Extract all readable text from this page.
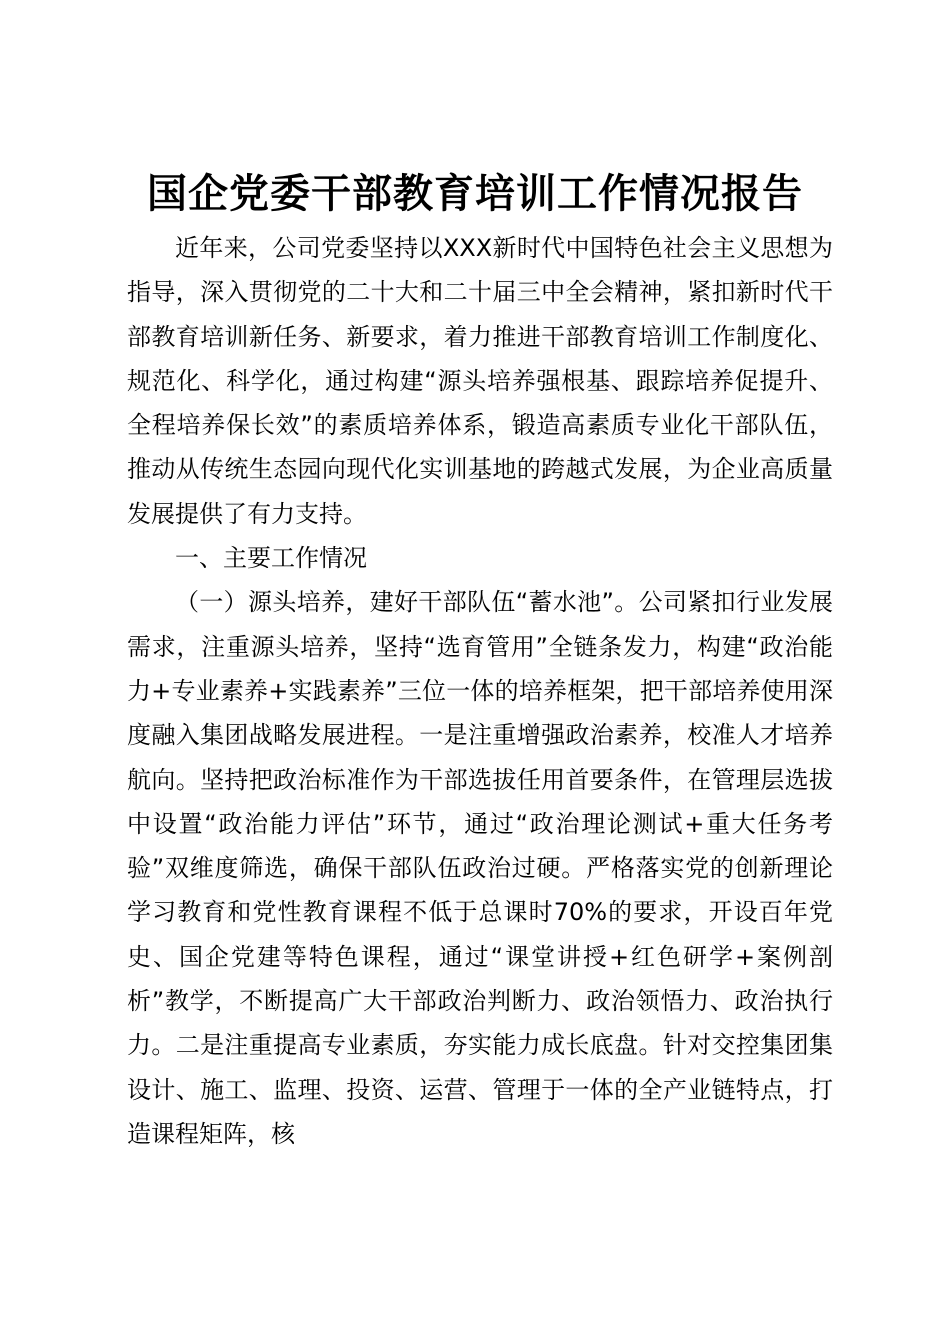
国企党委干部教育培训工作情况报告

近年来，公司党委坚持以XXX新时代中国特色社会主义思想为指导，深入贯彻党的二十大和二十届三中全会精神，紧扣新时代干部教育培训新任务、新要求，着力推进干部教育培训工作制度化、规范化、科学化，通过构建“源头培养强根基、跟踪培养促提升、全程培养保长效”的素质培养体系，锻造高素质专业化干部队伍，推动从传统生态园向现代化实训基地的跨越式发展，为企业高质量发展提供了有力支持。

一、主要工作情况

（一）源头培养，建好干部队伍“蓄水池”。公司紧扣行业发展需求，注重源头培养，坚持“选育管用”全链条发力，构建“政治能力+专业素养+实践素养”三位一体的培养框架，把干部培养使用深度融入集团战略发展进程。一是注重增强政治素养，校准人才培养航向。坚持把政治标准作为干部选拔任用首要条件，在管理层选拔中设置“政治能力评估”环节，通过“政治理论测试+重大任务考验”双维度筛选，确保干部队伍政治过硬。严格落实党的创新理论学习教育和党性教育课程不低于总课时70%的要求，开设百年党史、国企党建等特色课程，通过“课堂讲授+红色研学+案例剖析”教学，不断提高广大干部政治判断力、政治领悟力、政治执行力。二是注重提高专业素质，夯实能力成长底盘。针对交控集团集设计、施工、监理、投资、运营、管理于一体的全产业链特点，打造课程矩阵，核
